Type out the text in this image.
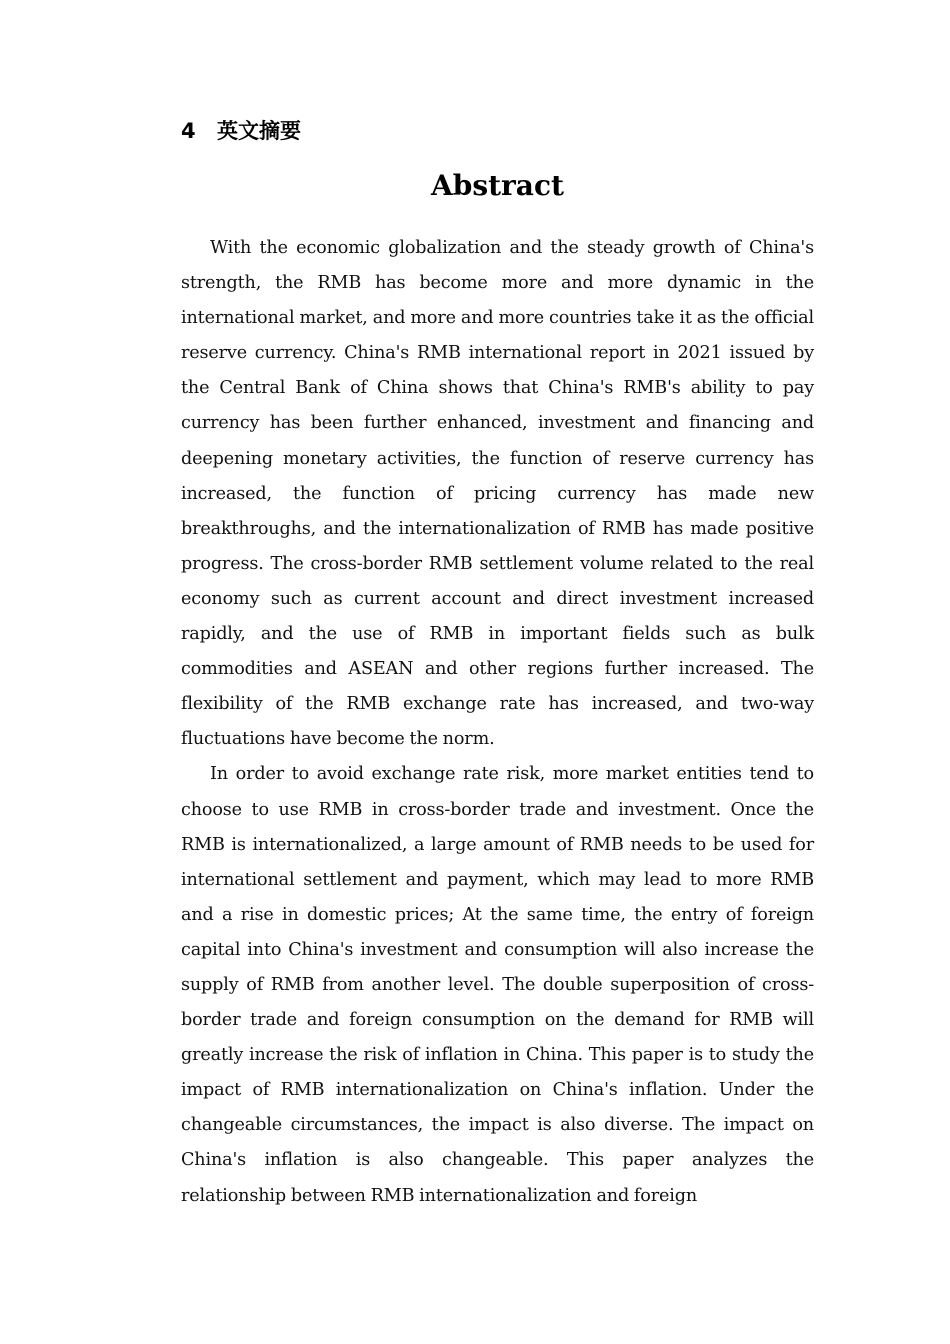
4 英文摘要
Abstract

With the economic globalization and the steady growth of China's strength, the RMB has become more and more dynamic in the international market, and more and more countries take it as the official reserve currency. China's RMB international report in 2021 issued by the Central Bank of China shows that China's RMB's ability to pay currency has been further enhanced, investment and financing and deepening monetary activities, the function of reserve currency has increased, the function of pricing currency has made new breakthroughs, and the internationalization of RMB has made positive progress. The cross-border RMB settlement volume related to the real economy such as current account and direct investment increased rapidly, and the use of RMB in important fields such as bulk commodities and ASEAN and other regions further increased. The flexibility of the RMB exchange rate has increased, and two-way fluctuations have become the norm.

In order to avoid exchange rate risk, more market entities tend to choose to use RMB in cross-border trade and investment. Once the RMB is internationalized, a large amount of RMB needs to be used for international settlement and payment, which may lead to more RMB and a rise in domestic prices; At the same time, the entry of foreign capital into China's investment and consumption will also increase the supply of RMB from another level. The double superposition of cross-border trade and foreign consumption on the demand for RMB will greatly increase the risk of inflation in China. This paper is to study the impact of RMB internationalization on China's inflation. Under the changeable circumstances, the impact is also diverse. The impact on China's inflation is also changeable. This paper analyzes the relationship between RMB internationalization and foreign
